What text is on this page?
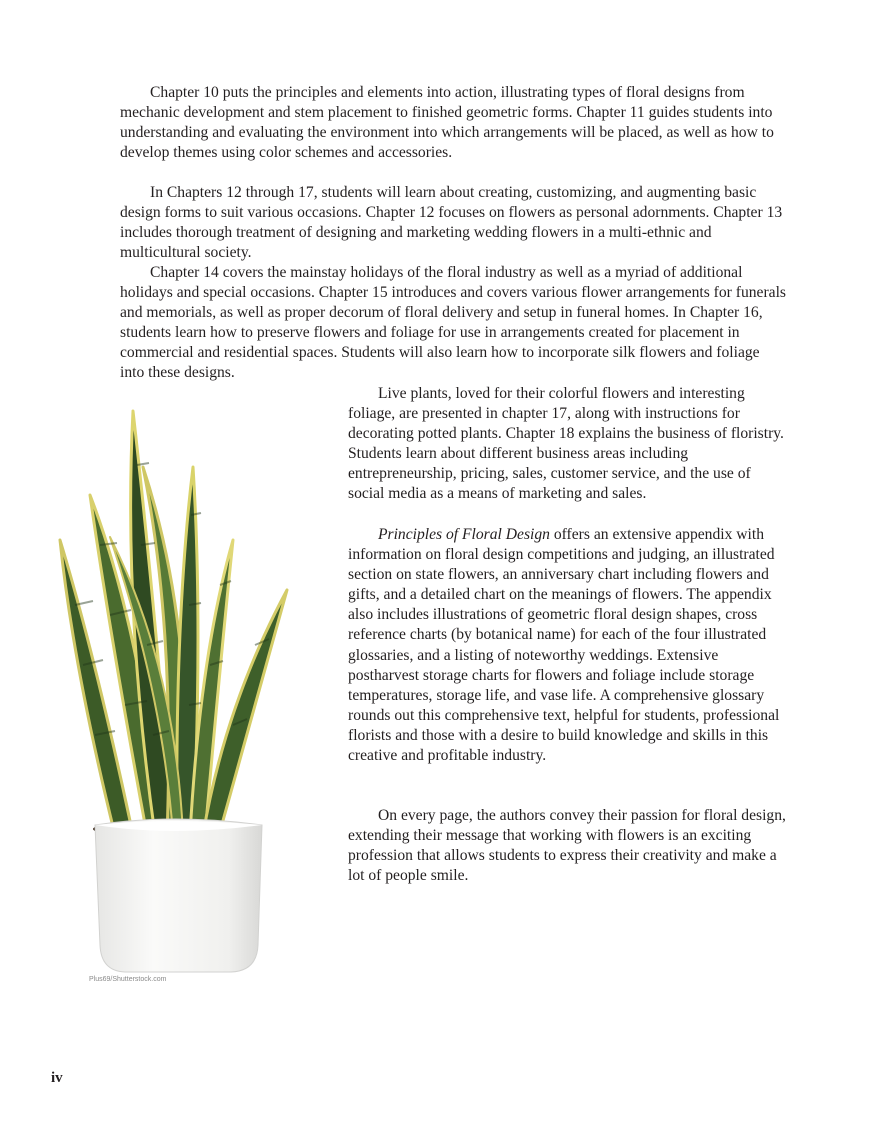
Chapter 10 puts the principles and elements into action, illustrating types of floral designs from mechanic development and stem placement to finished geometric forms. Chapter 11 guides students into understanding and evaluating the environment into which arrangements will be placed, as well as how to develop themes using color schemes and accessories.

In Chapters 12 through 17, students will learn about creating, customizing, and augmenting basic design forms to suit various occasions. Chapter 12 focuses on flowers as personal adornments. Chapter 13 includes thorough treatment of designing and marketing wedding flowers in a multi-ethnic and multicultural society.

Chapter 14 covers the mainstay holidays of the floral industry as well as a myriad of additional holidays and special occasions. Chapter 15 introduces and covers various flower arrangements for funerals and memorials, as well as proper decorum of floral delivery and setup in funeral homes. In Chapter 16, students learn how to preserve flowers and foliage for use in arrangements created for placement in commercial and residential spaces. Students will also learn how to incorporate silk flowers and foliage into these designs.

Live plants, loved for their colorful flowers and interesting foliage, are presented in chapter 17, along with instructions for decorating potted plants. Chapter 18 explains the business of floristry. Students learn about different business areas including entrepreneurship, pricing, sales, customer service, and the use of social media as a means of marketing and sales.

Principles of Floral Design offers an extensive appendix with information on floral design competitions and judging, an illustrated section on state flowers, an anniversary chart including flowers and gifts, and a detailed chart on the meanings of flowers. The appendix also includes illustrations of geometric floral design shapes, cross reference charts (by botanical name) for each of the four illustrated glossaries, and a listing of noteworthy weddings. Extensive postharvest storage charts for flowers and foliage include storage temperatures, storage life, and vase life. A comprehensive glossary rounds out this comprehensive text, helpful for students, professional florists and those with a desire to build knowledge and skills in this creative and profitable industry.

On every page, the authors convey their passion for floral design, extending their message that working with flowers is an exciting profession that allows students to express their creativity and make a lot of people smile.

Plus69/Shutterstock.com
iv
